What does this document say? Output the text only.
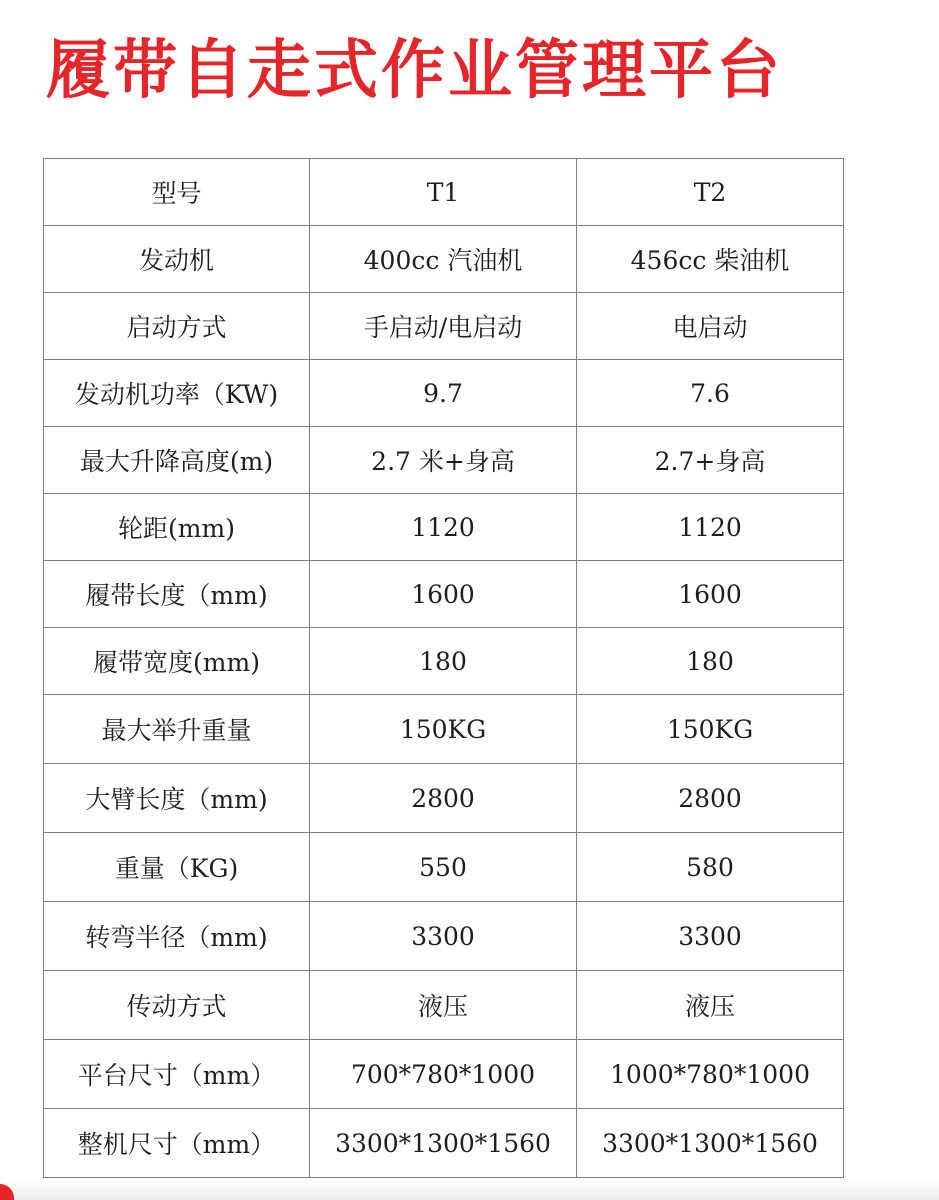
履带自走式作业管理平台
型号	T1	T2
发动机	400cc 汽油机	456cc 柴油机
启动方式	手启动/电启动	电启动
发动机功率（KW)	9.7	7.6
最大升降高度(m)	2.7 米+身高	2.7+身高
轮距(mm)	1120	1120
履带长度（mm)	1600	1600
履带宽度(mm)	180	180
最大举升重量	150KG	150KG
大臂长度（mm)	2800	2800
重量（KG)	550	580
转弯半径（mm)	3300	3300
传动方式	液压	液压
平台尺寸（mm）	700*780*1000	1000*780*1000
整机尺寸（mm）	3300*1300*1560	3300*1300*1560
